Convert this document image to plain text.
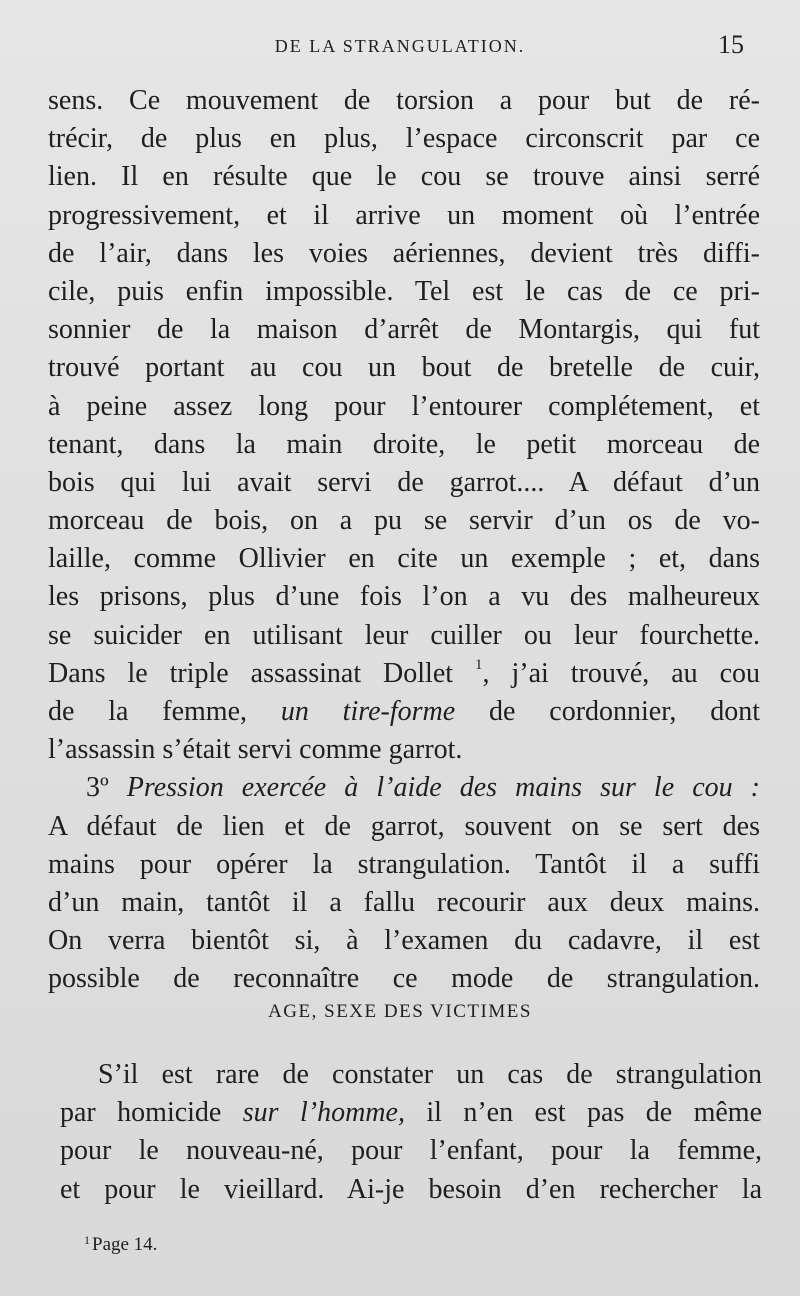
DE LA STRANGULATION.	15
sens. Ce mouvement de torsion a pour but de ré-
trécir, de plus en plus, l’espace circonscrit par ce
lien. Il en résulte que le cou se trouve ainsi serré
progressivement, et il arrive un moment où l’entrée
de l’air, dans les voies aériennes, devient très diffi-
cile, puis enfin impossible. Tel est le cas de ce pri-
sonnier de la maison d’arrêt de Montargis, qui fut
trouvé portant au cou un bout de bretelle de cuir,
à peine assez long pour l’entourer complétement, et
tenant, dans la main droite, le petit morceau de
bois qui lui avait servi de garrot.... A défaut d’un
morceau de bois, on a pu se servir d’un os de vo-
laille, comme Ollivier en cite un exemple ; et, dans
les prisons, plus d’une fois l’on a vu des malheureux
se suicider en utilisant leur cuiller ou leur fourchette.
Dans le triple assassinat Dollet $^1$, j’ai trouvé, au cou
de la femme, un tire-forme de cordonnier, dont
l’assassin s’était servi comme garrot.
3º Pression exercée à l’aide des mains sur le cou :
A défaut de lien et de garrot, souvent on se sert des
mains pour opérer la strangulation. Tantôt il a suffi
d’un main, tantôt il a fallu recourir aux deux mains.
On verra bientôt si, à l’examen du cadavre, il est
possible de reconnaître ce mode de strangulation.
AGE, SEXE DES VICTIMES
S’il est rare de constater un cas de strangulation
par homicide sur l’homme, il n’en est pas de même
pour le nouveau-né, pour l’enfant, pour la femme,
et pour le vieillard. Ai-je besoin d’en rechercher la
$^1$ Page 14.
